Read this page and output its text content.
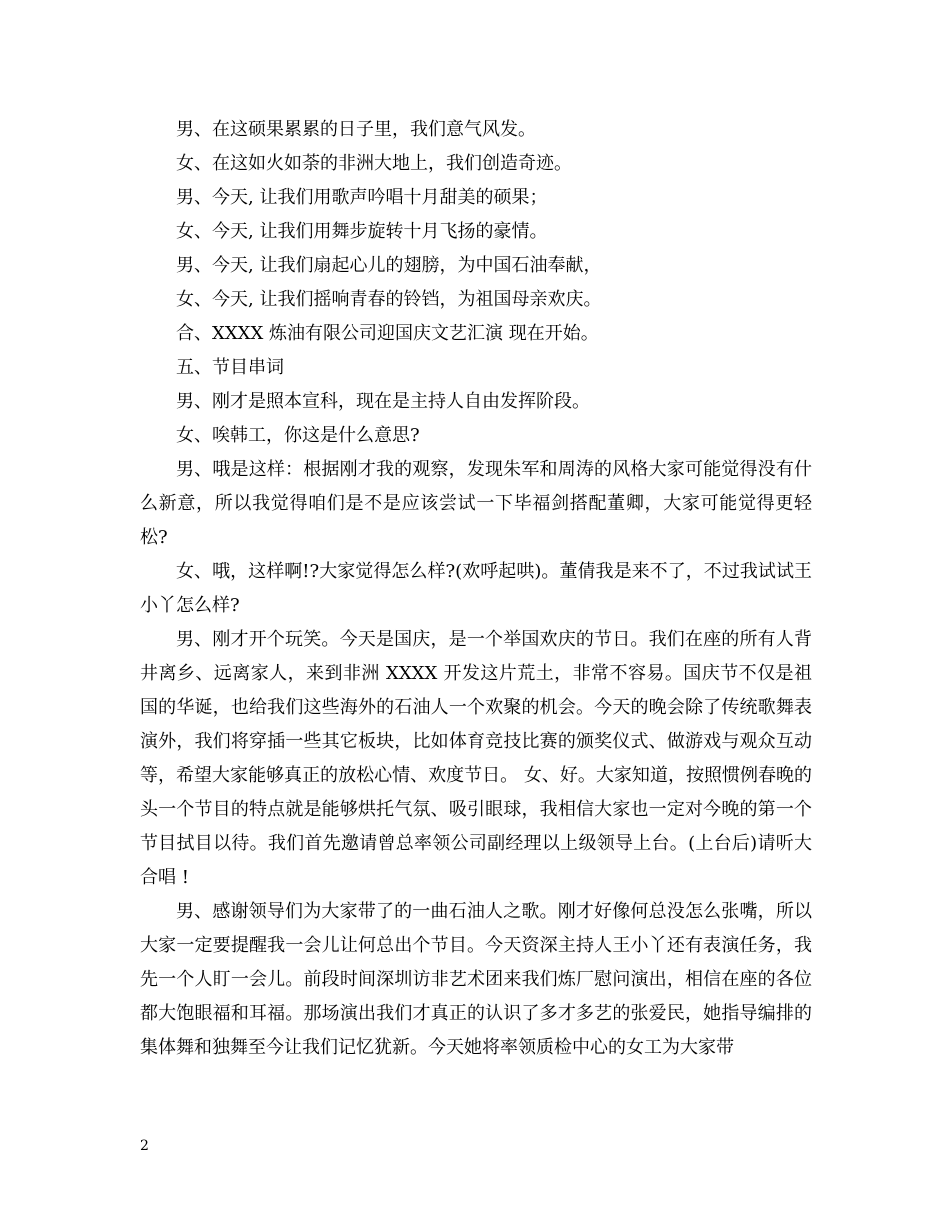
男、在这硕果累累的日子里，我们意气风发。

女、在这如火如荼的非洲大地上，我们创造奇迹。

男、今天, 让我们用歌声吟唱十月甜美的硕果；

女、今天, 让我们用舞步旋转十月飞扬的豪情。

男、今天, 让我们扇起心儿的翅膀，为中国石油奉献，

女、今天, 让我们摇响青春的铃铛，为祖国母亲欢庆。

合、XXXX 炼油有限公司迎国庆文艺汇演 现在开始。

五、节目串词

男、刚才是照本宣科，现在是主持人自由发挥阶段。

女、唉韩工，你这是什么意思?

男、哦是这样：根据刚才我的观察，发现朱军和周涛的风格大家可能觉得没有什么新意，所以我觉得咱们是不是应该尝试一下毕福剑搭配董卿，大家可能觉得更轻松?

女、哦，这样啊!?大家觉得怎么样?(欢呼起哄)。董倩我是来不了，不过我试试王小丫怎么样?

男、刚才开个玩笑。今天是国庆，是一个举国欢庆的节日。我们在座的所有人背井离乡、远离家人，来到非洲 XXXX 开发这片荒土，非常不容易。国庆节不仅是祖国的华诞，也给我们这些海外的石油人一个欢聚的机会。今天的晚会除了传统歌舞表演外，我们将穿插一些其它板块，比如体育竞技比赛的颁奖仪式、做游戏与观众互动等，希望大家能够真正的放松心情、欢度节日。 女、好。大家知道，按照惯例春晚的头一个节目的特点就是能够烘托气氛、吸引眼球，我相信大家也一定对今晚的第一个节目拭目以待。我们首先邀请曾总率领公司副经理以上级领导上台。(上台后)请听大合唱 !

男、感谢领导们为大家带了的一曲石油人之歌。刚才好像何总没怎么张嘴，所以大家一定要提醒我一会儿让何总出个节目。今天资深主持人王小丫还有表演任务，我先一个人盯一会儿。前段时间深圳访非艺术团来我们炼厂慰问演出，相信在座的各位都大饱眼福和耳福。那场演出我们才真正的认识了多才多艺的张爱民，她指导编排的集体舞和独舞至今让我们记忆犹新。今天她将率领质检中心的女工为大家带

2
